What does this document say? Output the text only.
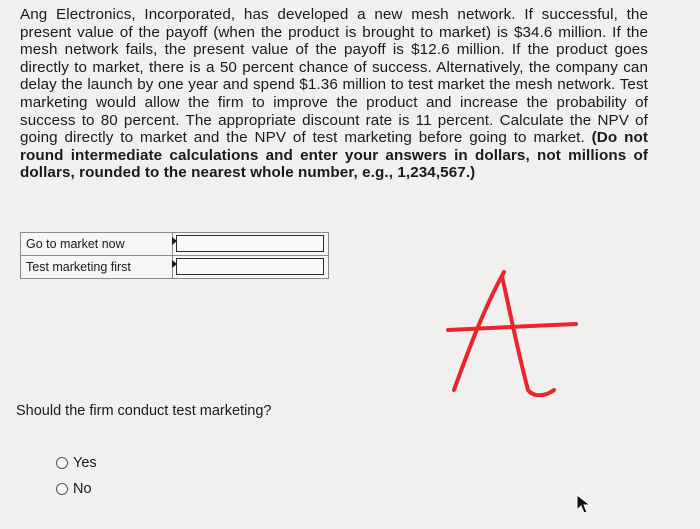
Ang Electronics, Incorporated, has developed a new mesh network. If successful, the present value of the payoff (when the product is brought to market) is $34.6 million. If the mesh network fails, the present value of the payoff is $12.6 million. If the product goes directly to market, there is a 50 percent chance of success. Alternatively, the company can delay the launch by one year and spend $1.36 million to test market the mesh network. Test marketing would allow the firm to improve the product and increase the probability of success to 80 percent. The appropriate discount rate is 11 percent. Calculate the NPV of going directly to market and the NPV of test marketing before going to market. (Do not round intermediate calculations and enter your answers in dollars, not millions of dollars, rounded to the nearest whole number, e.g., 1,234,567.)
Go to market now	

Test marketing first	
Should the firm conduct test marketing?
Yes
No
